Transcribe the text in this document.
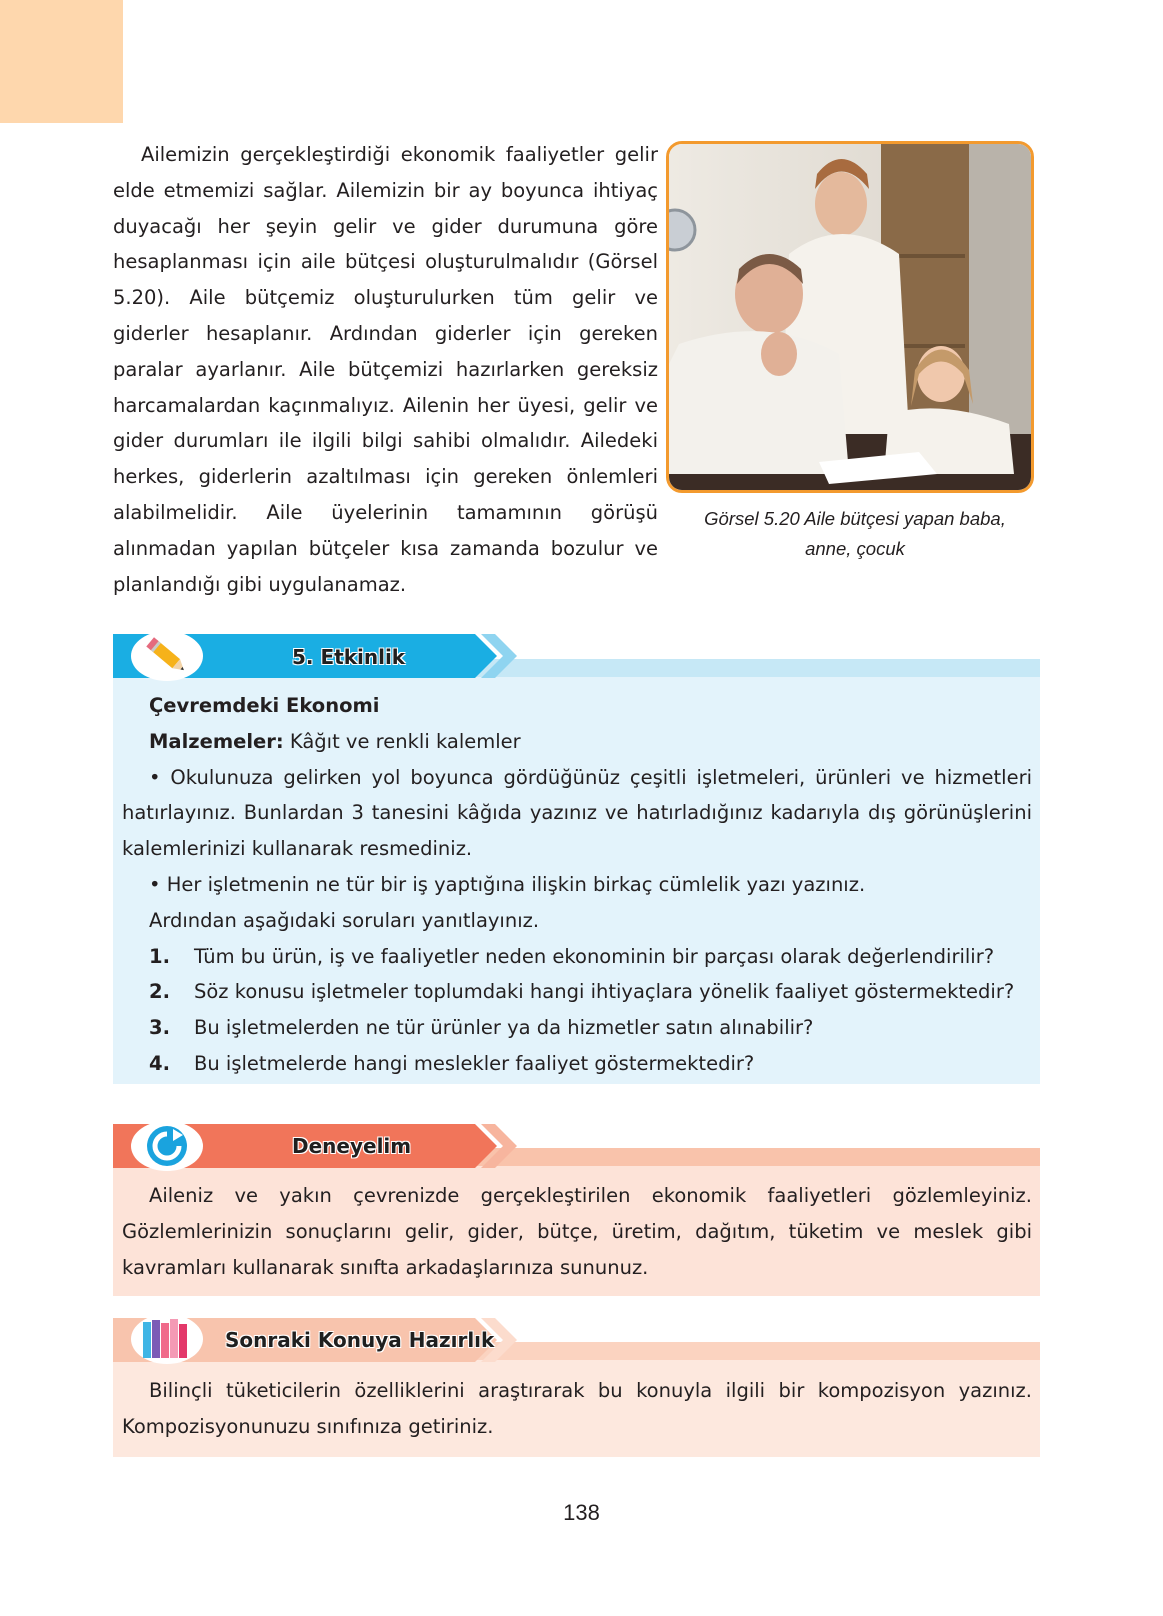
Ailemizin gerçekleştirdiği ekonomik faaliyetler gelir elde etmemizi sağlar. Ailemizin bir ay boyunca ihtiyaç duyacağı her şeyin gelir ve gider durumuna göre hesaplanması için aile bütçesi oluşturulmalıdır (Görsel 5.20). Aile bütçemiz oluşturulurken tüm gelir ve giderler hesaplanır. Ardından giderler için gereken paralar ayarlanır. Aile bütçemizi hazırlarken gereksiz harcamalardan kaçınmalıyız. Ailenin her üyesi, gelir ve gider durumları ile ilgili bilgi sahibi olmalıdır. Ailedeki herkes, giderlerin azaltılması için gereken önlemleri alabilmelidir. Aile üyelerinin tamamının görüşü alınmadan yapılan bütçeler kısa zamanda bozulur ve planlandığı gibi uygulanamaz.

Görsel 5.20 Aile bütçesi yapan baba,
anne, çocuk
5. Etkinlik

Çevremdeki Ekonomi

Malzemeler: Kâğıt ve renkli kalemler

• Okulunuza gelirken yol boyunca gördüğünüz çeşitli işletmeleri, ürünleri ve hizmetleri hatırlayınız. Bunlardan 3 tanesini kâğıda yazınız ve hatırladığınız kadarıyla dış görünüşlerini kalemlerinizi kullanarak resmediniz.

• Her işletmenin ne tür bir iş yaptığına ilişkin birkaç cümlelik yazı yazınız.

Ardından aşağıdaki soruları yanıtlayınız.

1.	Tüm bu ürün, iş ve faaliyetler neden ekonominin bir parçası olarak değerlendirilir?
2.	Söz konusu işletmeler toplumdaki hangi ihtiyaçlara yönelik faaliyet göstermektedir?
3.	Bu işletmelerden ne tür ürünler ya da hizmetler satın alınabilir?
4.	Bu işletmelerde hangi meslekler faaliyet göstermektedir?
Deneyelim

Aileniz ve yakın çevrenizde gerçekleştirilen ekonomik faaliyetleri gözlemleyiniz. Gözlemlerinizin sonuçlarını gelir, gider, bütçe, üretim, dağıtım, tüketim ve meslek gibi kavramları kullanarak sınıfta arkadaşlarınıza sununuz.

Sonraki Konuya Hazırlık

Bilinçli tüketicilerin özelliklerini araştırarak bu konuyla ilgili bir kompozisyon yazınız. Kompozisyonunuzu sınıfınıza getiriniz.

138
